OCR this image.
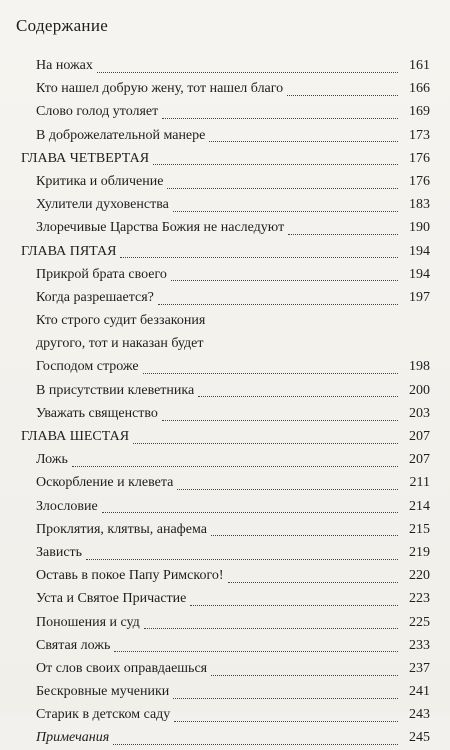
Содержание
На ножах	161
Кто нашел добрую жену, тот нашел благо	166
Слово голод утоляет	169
В доброжелательной манере	173
ГЛАВА ЧЕТВЕРТАЯ	176
Критика и обличение	176
Хулители духовенства	183
Злоречивые Царства Божия не наследуют	190
ГЛАВА ПЯТАЯ	194
Прикрой брата своего	194
Когда разрешается?	197
Кто строго судит беззакония
другого, тот и наказан будет
Господом строже	198
В присутствии клеветника	200
Уважать священство	203
ГЛАВА ШЕСТАЯ	207
Ложь	207
Оскорбление и клевета	211
Злословие	214
Проклятия, клятвы, анафема	215
Зависть	219
Оставь в покое Папу Римского!	220
Уста и Святое Причастие	223
Поношения и суд	225
Святая ложь	233
От слов своих оправдаешься	237
Бескровные мученики	241
Старик в детском саду	243
Примечания	245
